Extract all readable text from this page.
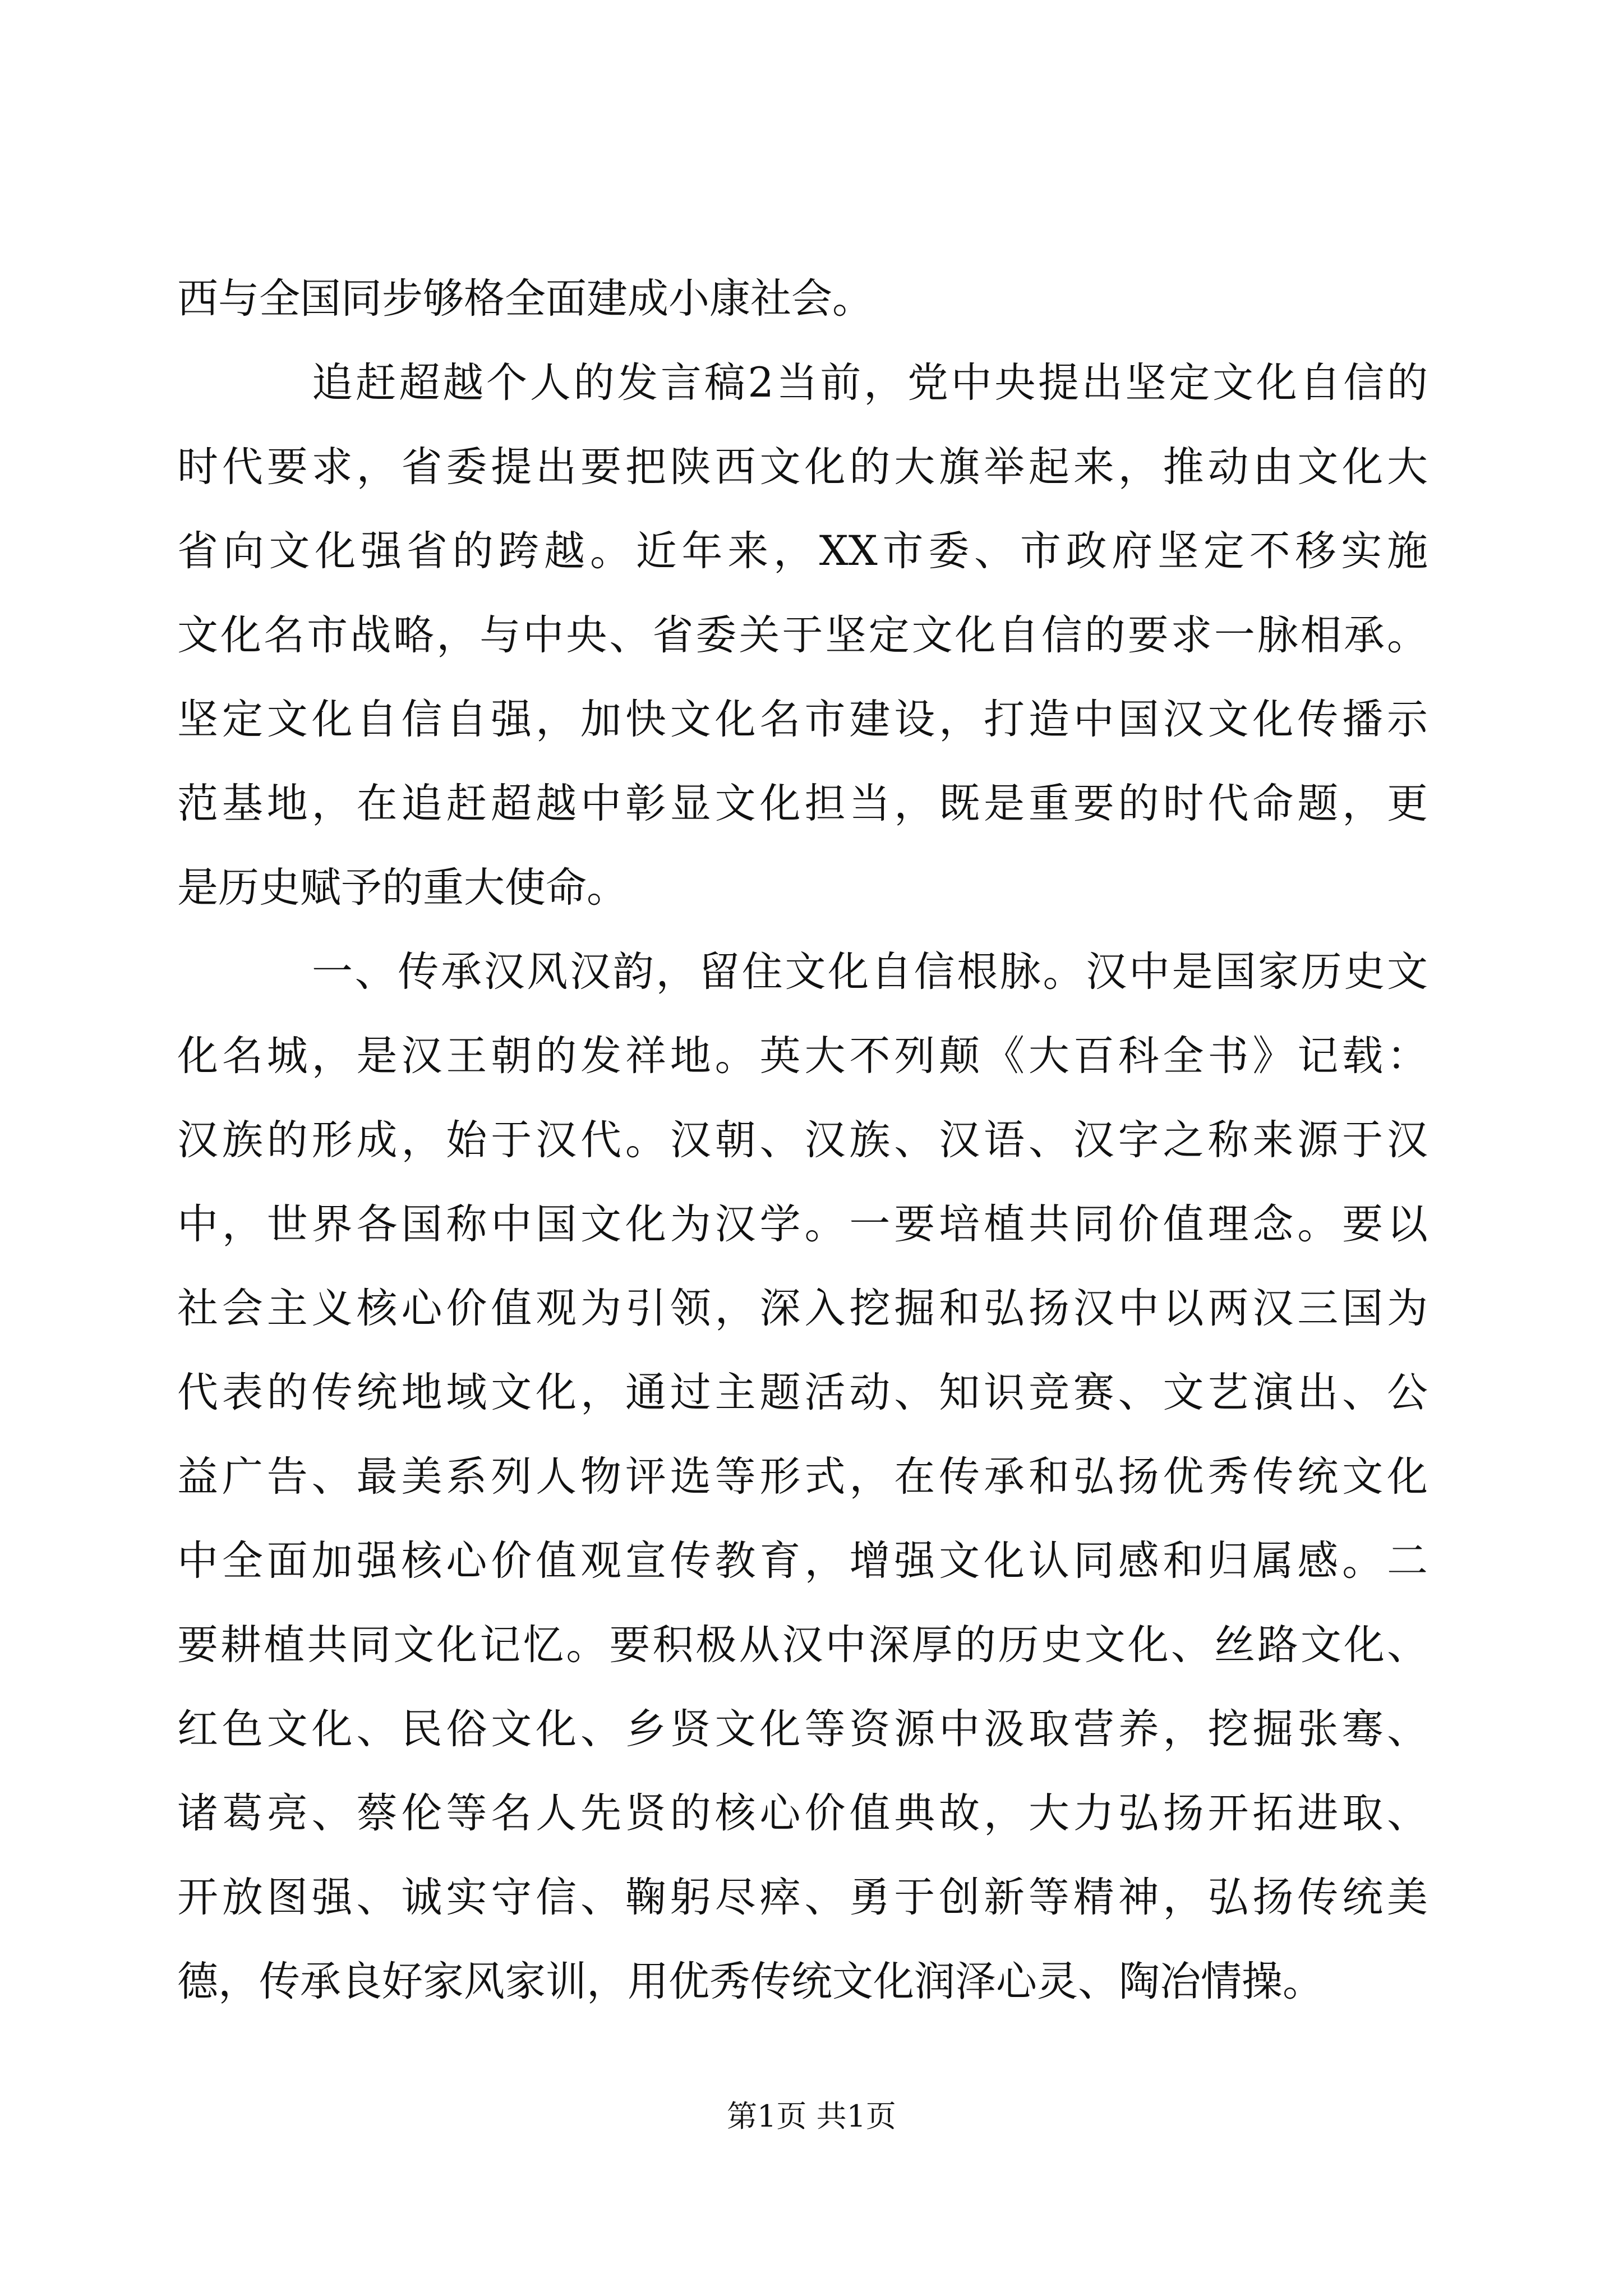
西与全国同步够格全面建成小康社会。
追赶超越个人的发言稿2当前，党中央提出坚定文化自信的
时代要求，省委提出要把陕西文化的大旗举起来，推动由文化大
省向文化强省的跨越。近年来，XX市委、市政府坚定不移实施
文化名市战略，与中央、省委关于坚定文化自信的要求一脉相承。
坚定文化自信自强，加快文化名市建设，打造中国汉文化传播示
范基地，在追赶超越中彰显文化担当，既是重要的时代命题，更
是历史赋予的重大使命。
一、传承汉风汉韵，留住文化自信根脉。汉中是国家历史文
化名城，是汉王朝的发祥地。英大不列颠《大百科全书》记载：
汉族的形成，始于汉代。汉朝、汉族、汉语、汉字之称来源于汉
中，世界各国称中国文化为汉学。一要培植共同价值理念。要以
社会主义核心价值观为引领，深入挖掘和弘扬汉中以两汉三国为
代表的传统地域文化，通过主题活动、知识竞赛、文艺演出、公
益广告、最美系列人物评选等形式，在传承和弘扬优秀传统文化
中全面加强核心价值观宣传教育，增强文化认同感和归属感。二
要耕植共同文化记忆。要积极从汉中深厚的历史文化、丝路文化、
红色文化、民俗文化、乡贤文化等资源中汲取营养，挖掘张骞、
诸葛亮、蔡伦等名人先贤的核心价值典故，大力弘扬开拓进取、
开放图强、诚实守信、鞠躬尽瘁、勇于创新等精神，弘扬传统美
德，传承良好家风家训，用优秀传统文化润泽心灵、陶冶情操。
第1页 共1页
